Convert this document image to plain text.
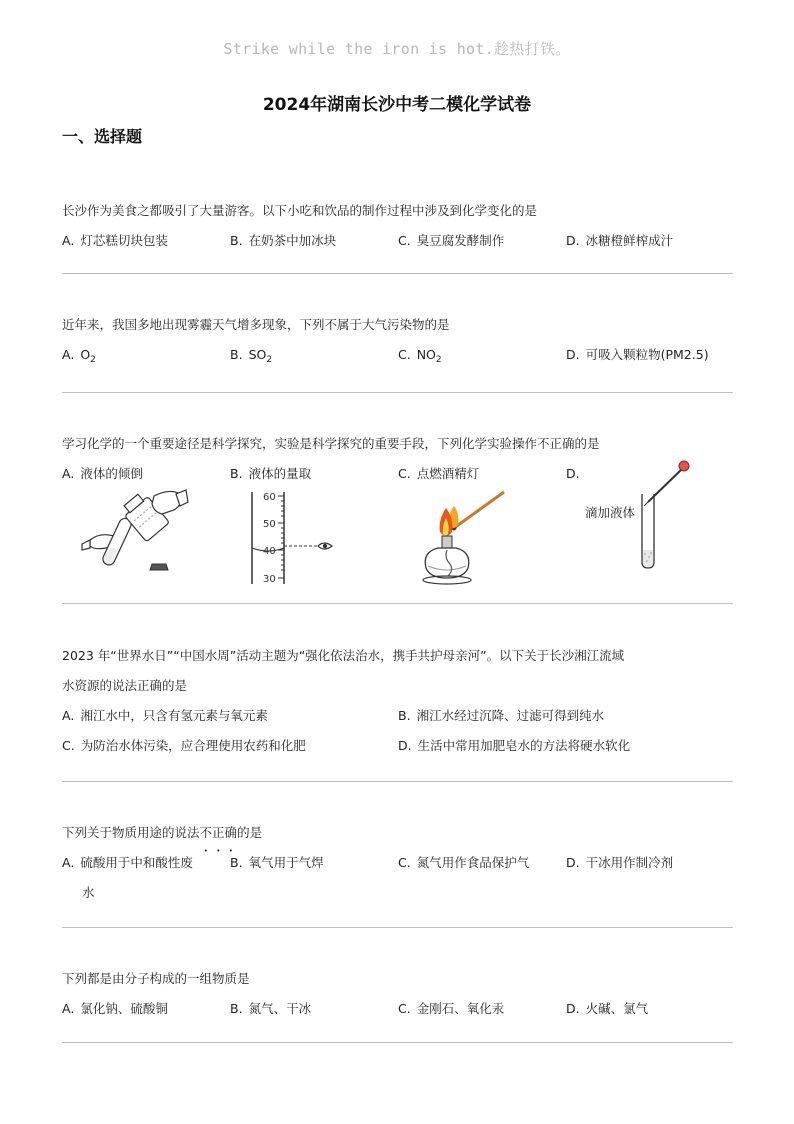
Strike while the iron is hot.趁热打铁。
2024年湖南长沙中考二模化学试卷
一、选择题
长沙作为美食之都吸引了大量游客。以下小吃和饮品的制作过程中涉及到化学变化的是
A. 灯芯糕切块包装	B. 在奶茶中加冰块	C. 臭豆腐发酵制作	D. 冰糖橙鲜榨成汁
近年来，我国多地出现雾霾天气增多现象，下列不属于大气污染物的是
A. $O_2$	B. $SO_2$	C. $NO_2$	D. 可吸入颗粒物(PM2.5)
学习化学的一个重要途径是科学探究，实验是科学探究的重要手段，下列化学实验操作不正确的是
A. 液体的倾倒	B. 液体的量取	C. 点燃酒精灯	D.
60
50
40
30
滴加液体
2023 年“世界水日”“中国水周”活动主题为“强化依法治水，携手共护母亲河”。以下关于长沙湘江流域
水资源的说法正确的是
A. 湘江水中，只含有氢元素与氧元素	B. 湘江水经过沉降、过滤可得到纯水
C. 为防治水体污染，应合理使用农药和化肥	D. 生活中常用加肥皂水的方法将硬水软化
下列关于物质用途的说法不正确的是
A. 硫酸用于中和酸性废
水
B. 氧气用于气焊	C. 氮气用作食品保护气	D. 干冰用作制冷剂
下列都是由分子构成的一组物质是
A. 氯化钠、硫酸铜	B. 氮气、干冰	C. 金刚石、氧化汞	D. 火碱、氯气
